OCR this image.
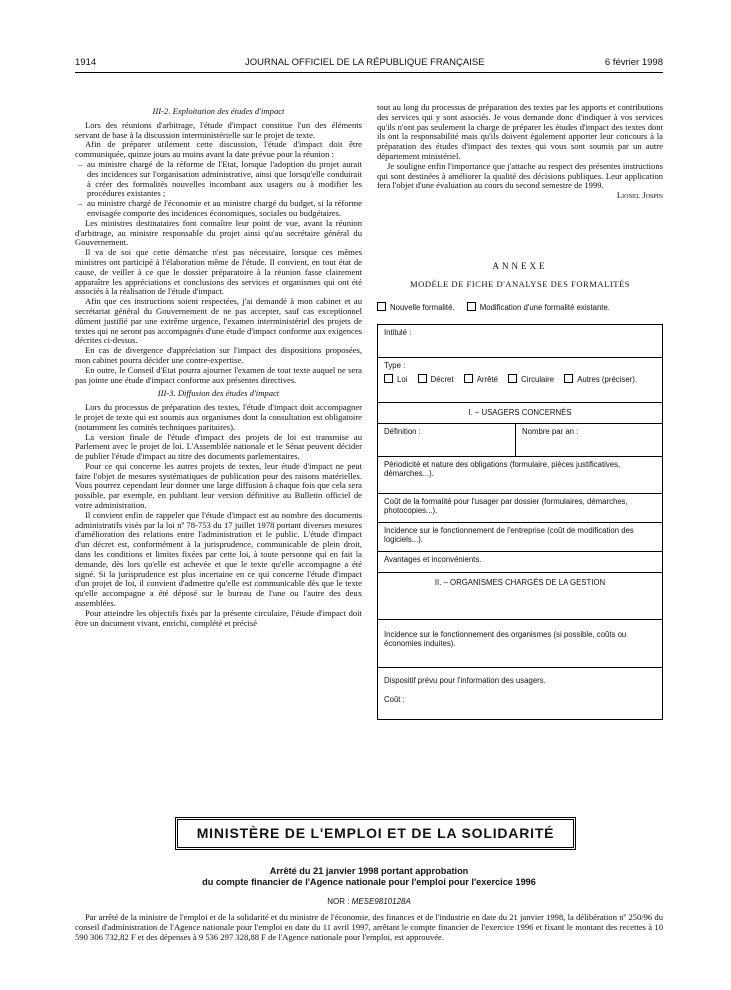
1914	JOURNAL OFFICIEL DE LA RÉPUBLIQUE FRANÇAISE	6 février 1998

III-2. Exploitation des études d'impact

Lors des réunions d'arbitrage, l'étude d'impact constitue l'un des éléments servant de base à la discussion interministérielle sur le projet de texte.

Afin de préparer utilement cette discussion, l'étude d'impact doit être communiquée, quinze jours au moins avant la date prévue pour la réunion :

– au ministre chargé de la réforme de l'Etat, lorsque l'adoption du projet aurait des incidences sur l'organisation administrative, ainsi que lorsqu'elle conduirait à créer des formalités nouvelles incombant aux usagers ou à modifier les procédures existantes ;
– au ministre chargé de l'économie et au ministre chargé du budget, si la réforme envisagée comporte des incidences économiques, sociales ou budgétaires.

Les ministres destinataires font connaître leur point de vue, avant la réunion d'arbitrage, au ministre responsable du projet ainsi qu'au secrétaire général du Gouvernement.

Il va de soi que cette démarche n'est pas nécessaire, lorsque ces mêmes ministres ont participé à l'élaboration même de l'étude. Il convient, en tout état de cause, de veiller à ce que le dossier préparatoire à la réunion fasse clairement apparaître les appréciations et conclusions des services et organismes qui ont été associés à la réalisation de l'étude d'impact.

Afin que ces instructions soient respectées, j'ai demandé à mon cabinet et au secrétariat général du Gouvernement de ne pas accepter, sauf cas exceptionnel dûment justifié par une extrême urgence, l'examen interministériel des projets de textes qui ne seront pas accompagnés d'une étude d'impact conforme aux exigences décrites ci-dessus.

En cas de divergence d'appréciation sur l'impact des dispositions proposées, mon cabinet pourra décider une contre-expertise.

En outre, le Conseil d'Etat pourra ajourner l'examen de tout texte auquel ne sera pas jointe une étude d'impact conforme aux présentes directives.

III-3. Diffusion des études d'impact

Lors du processus de préparation des textes, l'étude d'impact doit accompagner le projet de texte qui est soumis aux organismes dont la consultation est obligatoire (notamment les comités techniques paritaires).

La version finale de l'étude d'impact des projets de loi est transmise au Parlement avec le projet de loi. L'Assemblée nationale et le Sénat peuvent décider de publier l'étude d'impact au titre des documents parlementaires.

Pour ce qui concerne les autres projets de textes, leur étude d'impact ne peut faire l'objet de mesures systématiques de publication pour des raisons matérielles. Vous pourrez cependant leur donner une large diffusion à chaque fois que cela sera possible, par exemple, en publiant leur version définitive au Bulletin officiel de votre administration.

Il convient enfin de rappeler que l'étude d'impact est au nombre des documents administratifs visés par la loi nº 78-753 du 17 juillet 1978 portant diverses mesures d'amélioration des relations entre l'administration et le public. L'étude d'impact d'un décret est, conformément à la jurisprudence, communicable de plein droit, dans les conditions et limites fixées par cette loi, à toute personne qui en fait la demande, dès lors qu'elle est achevée et que le texte qu'elle accompagne a été signé. Si la jurisprudence est plus incertaine en ce qui concerne l'étude d'impact d'un projet de loi, il convient d'admettre qu'elle est communicable dès que le texte qu'elle accompagne a été déposé sur le bureau de l'une ou l'autre des deux assemblées.

Pour atteindre les objectifs fixés par la présente circulaire, l'étude d'impact doit être un document vivant, enrichi, complété et précisé

tout au long du processus de préparation des textes par les apports et contributions des services qui y sont associés. Je vous demande donc d'indiquer à vos services qu'ils n'ont pas seulement la charge de préparer les études d'impact des textes dont ils ont la responsabilité mais qu'ils doivent également apporter leur concours à la préparation des études d'impact des textes qui vous sont soumis par un autre département ministériel.

Je souligne enfin l'importance que j'attache au respect des présentes instructions qui sont destinées à améliorer la qualité des décisions publiques. Leur application fera l'objet d'une évaluation au cours du second semestre de 1999.

Lionel Jospin

ANNEXE
MODÈLE DE FICHE D'ANALYSE DES FORMALITÉS
Nouvelle formalité.	Modification d'une formalité existante.
Intitulé :
Type :
Loi	Décret	Arrêté	Circulaire	Autres (préciser).
I. – USAGERS CONCERNÉS
Définition :	Nombre par an :
Périodicité et nature des obligations (formulaire, pièces justificatives, démarches...).
Coût de la formalité pour l'usager par dossier (formulaires, démarches, photocopies...).
Incidence sur le fonctionnement de l'entreprise (coût de modification des logiciels...).
Avantages et inconvénients.
II. – ORGANISMES CHARGÉS DE LA GESTION
Incidence sur le fonctionnement des organismes (si possible, coûts ou économies induites).
Dispositif prévu pour l'information des usagers.
Coût :
MINISTÈRE DE L'EMPLOI ET DE LA SOLIDARITÉ
Arrêté du 21 janvier 1998 portant approbation
du compte financier de l'Agence nationale pour l'emploi pour l'exercice 1996
NOR : MESE9810128A
Par arrêté de la ministre de l'emploi et de la solidarité et du ministre de l'économie, des finances et de l'industrie en date du 21 janvier 1998, la délibération nº 250/96 du conseil d'administration de l'Agence nationale pour l'emploi en date du 11 avril 1997, arrêtant le compte financier de l'exercice 1996 et fixant le montant des recettes à 10 590 306 732,82 F et des dépenses à 9 536 297 328,88 F de l'Agence nationale pour l'emploi, est approuvée.
